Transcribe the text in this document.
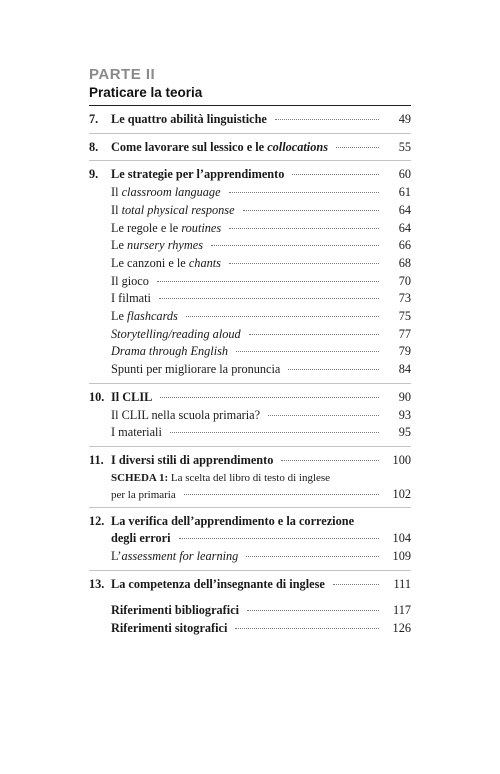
PARTE II
Praticare la teoria
7.	Le quattro abilità linguistiche	49
8.	Come lavorare sul lessico e le collocations	55
9.	Le strategie per l’apprendimento	60
Il classroom language	61
Il total physical response	64
Le regole e le routines	64
Le nursery rhymes	66
Le canzoni e le chants	68
Il gioco	70
I filmati	73
Le flashcards	75
Storytelling/reading aloud	77
Drama through English	79
Spunti per migliorare la pronuncia	84
10. Il CLIL	90
Il CLIL nella scuola primaria?	93
I materiali	95
11. I diversi stili di apprendimento	100
SCHEDA 1: La scelta del libro di testo di inglese
per la primaria	102
12. La verifica dell’apprendimento e la correzione
degli errori	104
L’assessment for learning	109
13. La competenza dell’insegnante di inglese	111
Riferimenti bibliografici	117
Riferimenti sitografici	126
